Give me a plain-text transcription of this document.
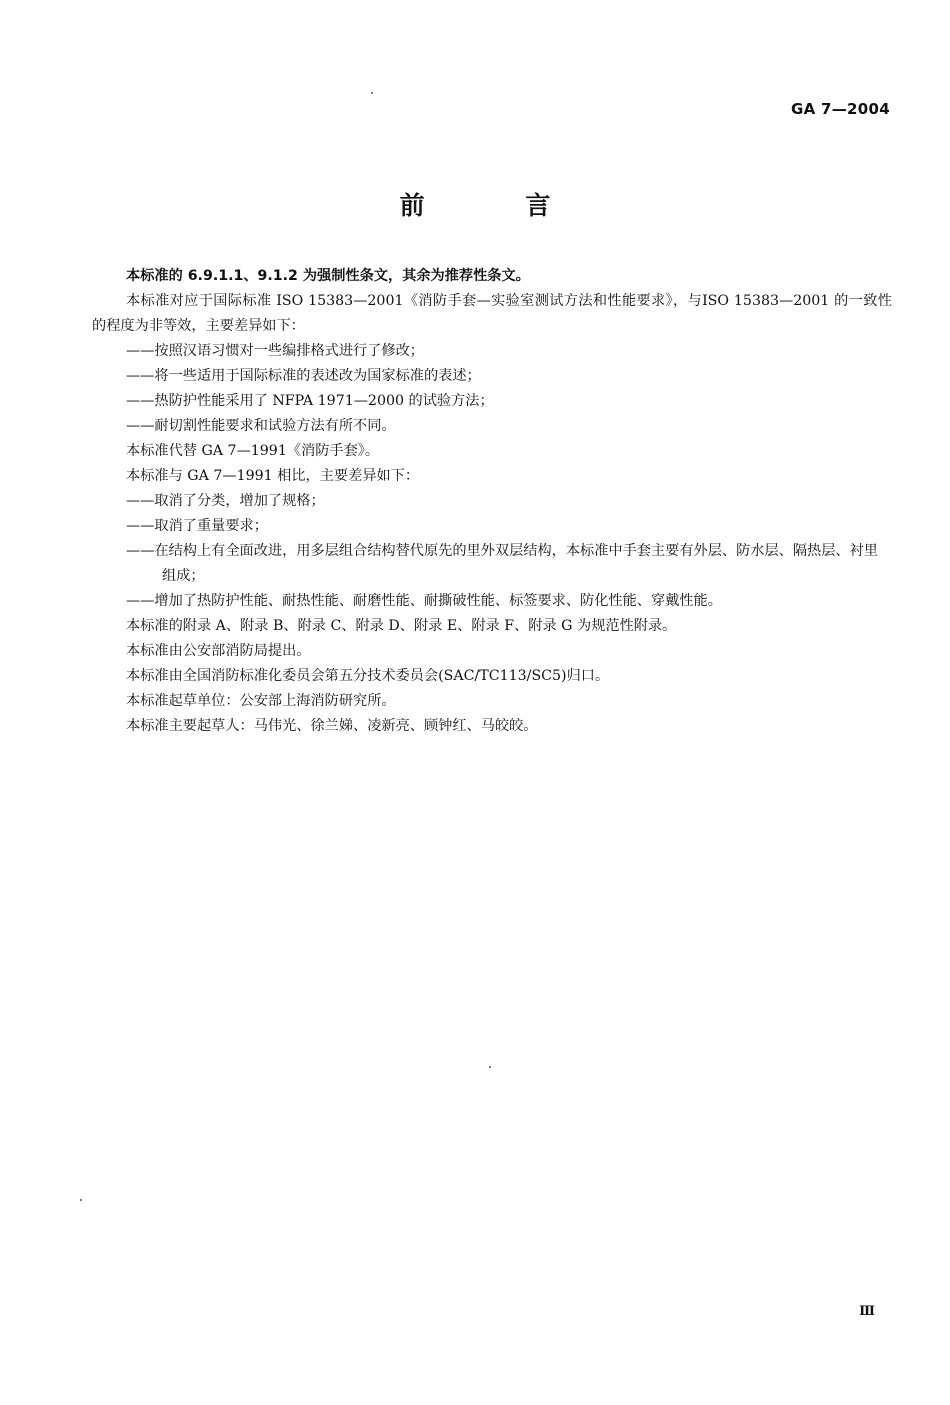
GA 7—2004
前 言

本标准的 6.9.1.1、9.1.2 为强制性条文，其余为推荐性条文。

本标准对应于国际标准 ISO 15383—2001《消防手套—实验室测试方法和性能要求》，与ISO 15383—2001 的一致性的程度为非等效，主要差异如下：

——按照汉语习惯对一些编排格式进行了修改；

——将一些适用于国际标准的表述改为国家标准的表述；

——热防护性能采用了 NFPA 1971—2000 的试验方法；

——耐切割性能要求和试验方法有所不同。

本标准代替 GA 7—1991《消防手套》。

本标准与 GA 7—1991 相比，主要差异如下：

——取消了分类，增加了规格；

——取消了重量要求；

——在结构上有全面改进，用多层组合结构替代原先的里外双层结构，本标准中手套主要有外层、防水层、隔热层、衬里组成；

——增加了热防护性能、耐热性能、耐磨性能、耐撕破性能、标签要求、防化性能、穿戴性能。

本标准的附录 A、附录 B、附录 C、附录 D、附录 E、附录 F、附录 G 为规范性附录。

本标准由公安部消防局提出。

本标准由全国消防标准化委员会第五分技术委员会(SAC/TC113/SC5)归口。

本标准起草单位：公安部上海消防研究所。

本标准主要起草人：马伟光、徐兰娣、凌新亮、顾钟红、马皎皎。

Ⅲ
